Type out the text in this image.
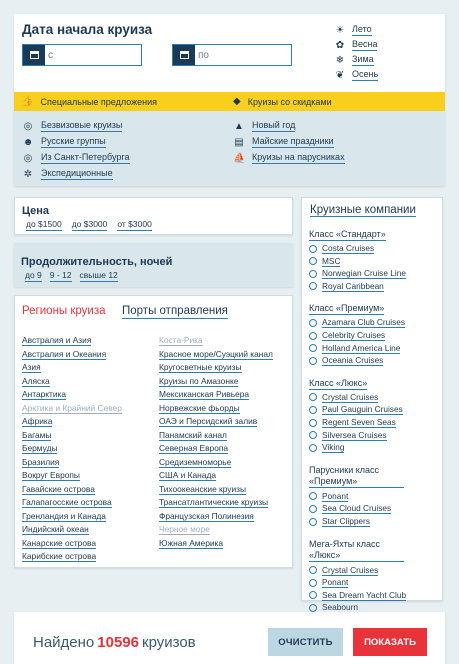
Дата начала круиза
с	по
☀ Лето
✿ Весна
❄ Зима
❦ Осень
👍 Специальные предложения	◆ Круизы со скидками
◎ Безвизовые круизы
☻ Русские группы
◎ Из Санкт-Петербурга
✲ Экспедиционные
▲ Новый год
▤ Майские праздники
⛵ Круизы на парусниках
Цена
до $1500 до $3000 от $3000
Продолжительность, ночей
до 9 9 - 12 свыше 12
Регионы круиза Порты отправления
Австралия и Азия
Австралия и Океания
Азия
Аляска
Антарктика
Арктика и Крайний Север
Африка
Багамы
Бермуды
Бразилия
Вокруг Европы
Гавайские острова
Галапагосские острова
Гренландия и Канада
Индийский океан
Канарские острова
Карибские острова
Коста-Рика
Красное море/Суэцкий канал
Кругосветные круизы
Круизы по Амазонке
Мексиканская Ривьера
Норвежские фьорды
ОАЭ и Персидский залив
Панамский канал
Северная Европа
Средиземноморье
США и Канада
Тихоокеанские круизы
Трансатлантические круизы
Французская Полинезия
Черное море
Южная Америка
Круизные компании
Класс «Стандарт»
Costa Cruises
MSC
Norwegian Cruise Line
Royal Caribbean
Класс «Премиум»
Azamara Club Cruises
Celebrity Cruises
Holland America Line
Oceania Cruises
Класс «Люкс»
Crystal Cruises
Paul Gauguin Cruises
Regent Seven Seas
Silversea Cruises
Viking
Парусники класс «Премиум»
Ponant
Sea Cloud Cruises
Star Clippers
Мега-Яхты класс «Люкс»
Crystal Cruises
Ponant
Sea Dream Yacht Club
Seabourn
Найдено 10596 круизов	ОЧИСТИТЬ	ПОКАЗАТЬ
